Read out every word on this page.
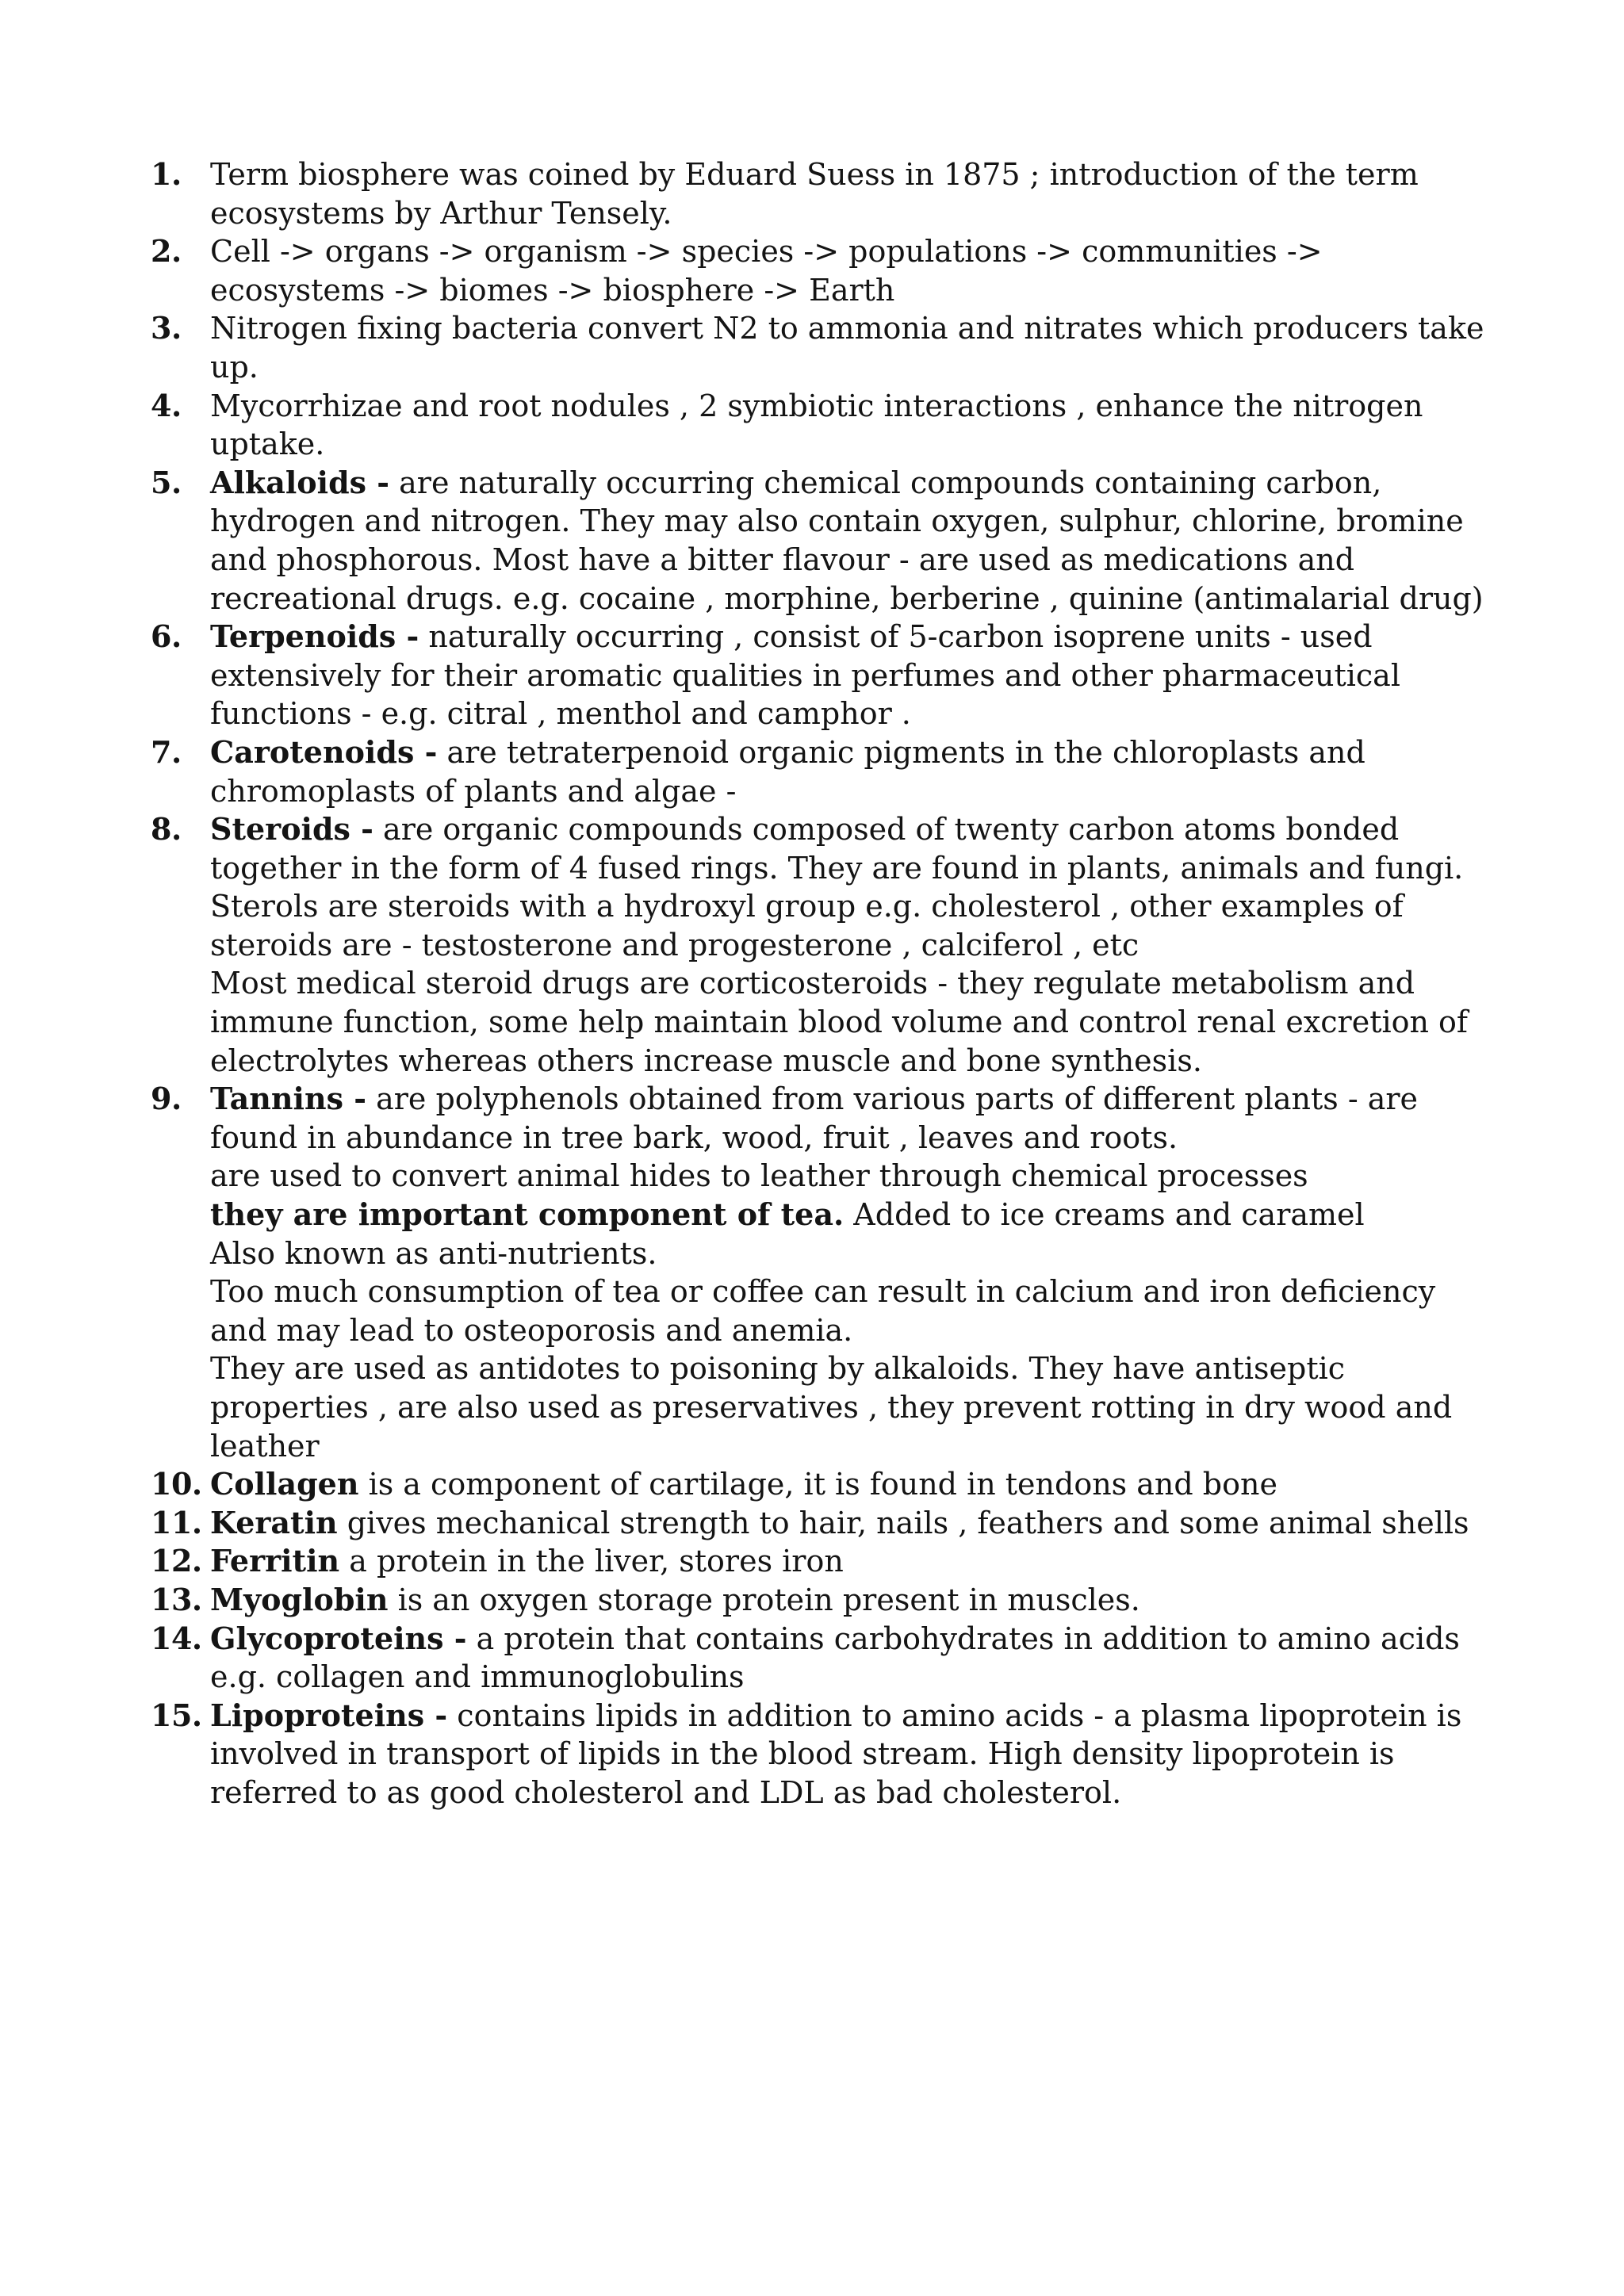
1. Term biosphere was coined by Eduard Suess in 1875 ; introduction of the term ecosystems by Arthur Tensely.
2. Cell -> organs -> organism -> species -> populations -> communities -> ecosystems -> biomes -> biosphere -> Earth
3. Nitrogen fixing bacteria convert N2 to ammonia and nitrates which producers take up.
4. Mycorrhizae and root nodules , 2 symbiotic interactions , enhance the nitrogen uptake.
5. Alkaloids - are naturally occurring chemical compounds containing carbon, hydrogen and nitrogen. They may also contain oxygen, sulphur, chlorine, bromine and phosphorous. Most have a bitter flavour - are used as medications and recreational drugs. e.g. cocaine , morphine, berberine , quinine (antimalarial drug)
6. Terpenoids - naturally occurring , consist of 5-carbon isoprene units - used extensively for their aromatic qualities in perfumes and other pharmaceutical functions - e.g. citral , menthol and camphor .
7. Carotenoids - are tetraterpenoid organic pigments in the chloroplasts and chromoplasts of plants and algae -
8. Steroids - are organic compounds composed of twenty carbon atoms bonded together in the form of 4 fused rings. They are found in plants, animals and fungi.
Sterols are steroids with a hydroxyl group e.g. cholesterol , other examples of steroids are - testosterone and progesterone , calciferol , etc
Most medical steroid drugs are corticosteroids - they regulate metabolism and immune function, some help maintain blood volume and control renal excretion of electrolytes whereas others increase muscle and bone synthesis.
9. Tannins - are polyphenols obtained from various parts of different plants - are found in abundance in tree bark, wood, fruit , leaves and roots.
are used to convert animal hides to leather through chemical processes
they are important component of tea. Added to ice creams and caramel
Also known as anti-nutrients.
Too much consumption of tea or coffee can result in calcium and iron deficiency and may lead to osteoporosis and anemia.
They are used as antidotes to poisoning by alkaloids. They have antiseptic properties , are also used as preservatives , they prevent rotting in dry wood and leather
10. Collagen is a component of cartilage, it is found in tendons and bone
11. Keratin gives mechanical strength to hair, nails , feathers and some animal shells
12. Ferritin a protein in the liver, stores iron
13. Myoglobin is an oxygen storage protein present in muscles.
14. Glycoproteins - a protein that contains carbohydrates in addition to amino acids e.g. collagen and immunoglobulins
15. Lipoproteins - contains lipids in addition to amino acids - a plasma lipoprotein is involved in transport of lipids in the blood stream. High density lipoprotein is referred to as good cholesterol and LDL as bad cholesterol.
